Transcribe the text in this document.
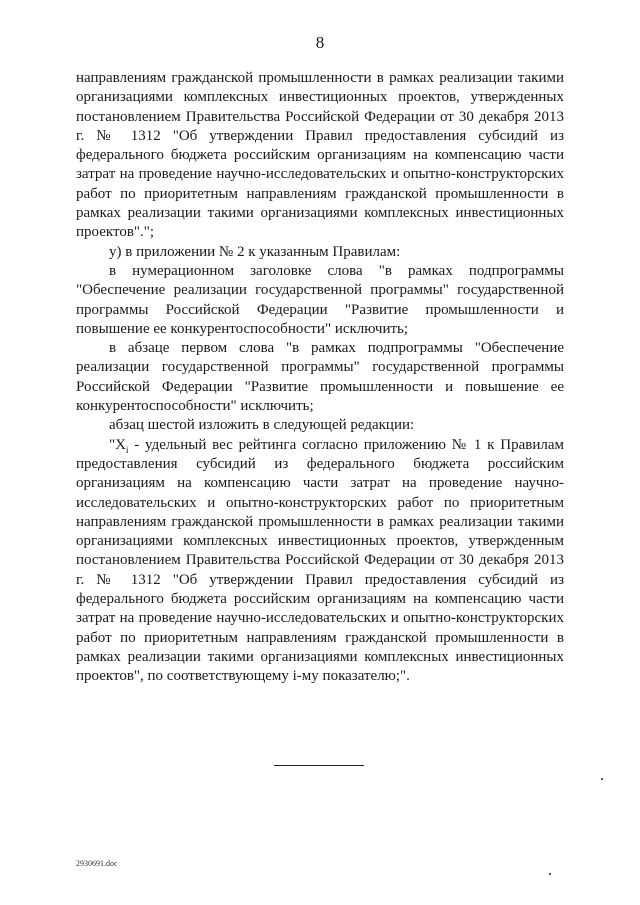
8

направлениям гражданской промышленности в рамках реализации такими организациями комплексных инвестиционных проектов, утвержденных постановлением Правительства Российской Федерации от 30 декабря 2013 г. № 1312 "Об утверждении Правил предоставления субсидий из федерального бюджета российским организациям на компенсацию части затрат на проведение научно-исследовательских и опытно-конструкторских работ по приоритетным направлениям гражданской промышленности в рамках реализации такими организациями комплексных инвестиционных проектов".";

у) в приложении № 2 к указанным Правилам:

в нумерационном заголовке слова "в рамках подпрограммы "Обеспечение реализации государственной программы" государственной программы Российской Федерации "Развитие промышленности и повышение ее конкурентоспособности" исключить;

в абзаце первом слова "в рамках подпрограммы "Обеспечение реализации государственной программы" государственной программы Российской Федерации "Развитие промышленности и повышение ее конкурентоспособности" исключить;

абзац шестой изложить в следующей редакции:

"$X_i$ - удельный вес рейтинга согласно приложению № 1 к Правилам предоставления субсидий из федерального бюджета российским организациям на компенсацию части затрат на проведение научно-исследовательских и опытно-конструкторских работ по приоритетным направлениям гражданской промышленности в рамках реализации такими организациями комплексных инвестиционных проектов, утвержденным постановлением Правительства Российской Федерации от 30 декабря 2013 г. № 1312 "Об утверждении Правил предоставления субсидий из федерального бюджета российским организациям на компенсацию части затрат на проведение научно-исследовательских и опытно-конструкторских работ по приоритетным направлениям гражданской промышленности в рамках реализации такими организациями комплексных инвестиционных проектов", по соответствующему i-му показателю;".

2930691.doc
